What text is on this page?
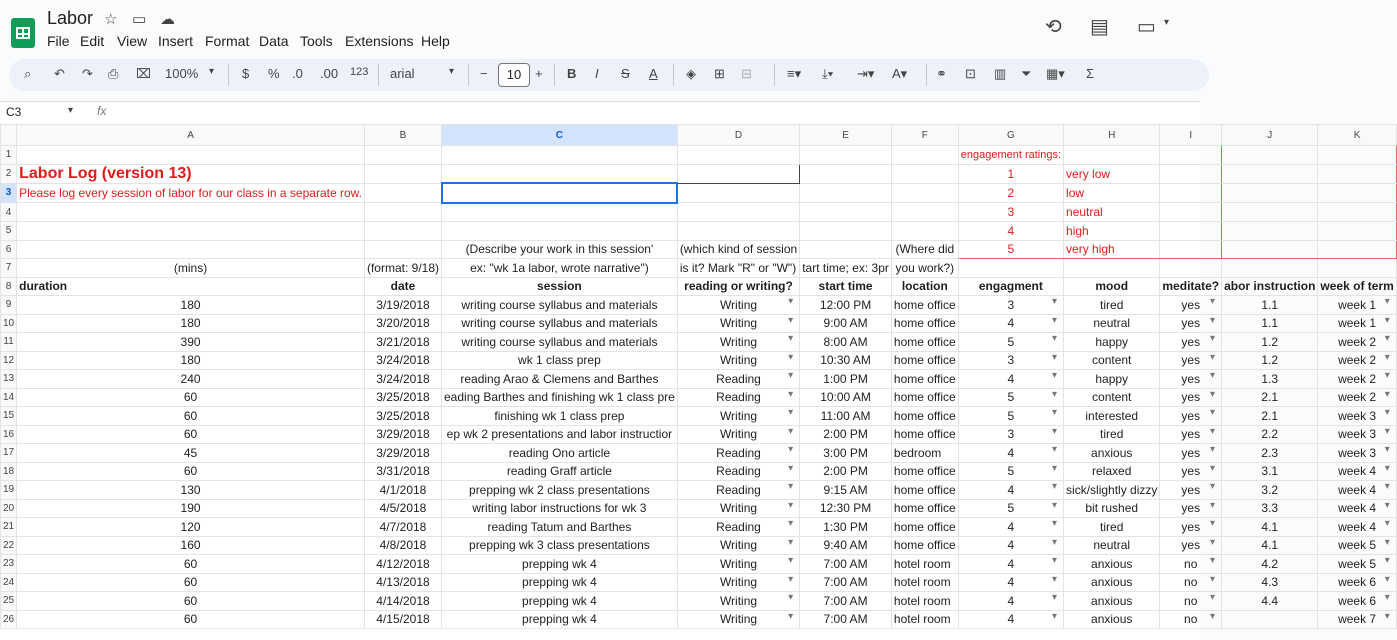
Labor ☆ ▭ ☁
File Edit View Insert Format Data Tools Extensions Help
⟲ ▤ ▭ ▾
⌕ ↶ ↷ ⎙ ⌧ 100% ▾ $ % .0 .00 123 arial	▾ −	10	+ B I S A ◈ ⊞ ⊟	≡▾ ⤓▾ ⇥▾ A▾ ⚭ ⊡ ▥ ⏷ ▦▾ Σ
C3	▾ fx
	A	B	C	D	E	F	G	H	I	J	K
1							engagement ratings:				
2	Labor Log (version 13)						1	very low			
3	Please log every session of labor for our class in a separate row.						2	low			
4							3	neutral			
5							4	high			
6			(Describe your work in this session'	(which kind of session		(Where did	5	very high			
7	(mins)	(format: 9/18)	ex: "wk 1a labor, wrote narrative")	is it? Mark "R" or "W")	tart time; ex: 3pr	you work?)					
8	duration	date	session	reading or writing?	start time	location	engagment	mood	meditate?	abor instruction	week of term
9	180	3/19/2018	writing course syllabus and materials	Writing ▾	12:00 PM	home office	3 ▾	tired	yes ▾	1.1	week 1 ▾
10	180	3/20/2018	writing course syllabus and materials	Writing ▾	9:00 AM	home office	4 ▾	neutral	yes ▾	1.1	week 1 ▾
11	390	3/21/2018	writing course syllabus and materials	Writing ▾	8:00 AM	home office	5 ▾	happy	yes ▾	1.2	week 2 ▾
12	180	3/24/2018	wk 1 class prep	Writing ▾	10:30 AM	home office	3 ▾	content	yes ▾	1.2	week 2 ▾
13	240	3/24/2018	reading Arao & Clemens and Barthes	Reading ▾	1:00 PM	home office	4 ▾	happy	yes ▾	1.3	week 2 ▾
14	60	3/25/2018	eading Barthes and finishing wk 1 class pre	Reading ▾	10:00 AM	home office	5 ▾	content	yes ▾	2.1	week 2 ▾
15	60	3/25/2018	finishing wk 1 class prep	Writing ▾	11:00 AM	home office	5 ▾	interested	yes ▾	2.1	week 3 ▾
16	60	3/29/2018	ep wk 2 presentations and labor instructior	Writing ▾	2:00 PM	home office	3 ▾	tired	yes ▾	2.2	week 3 ▾
17	45	3/29/2018	reading Ono article	Reading ▾	3:00 PM	bedroom	4 ▾	anxious	yes ▾	2.3	week 3 ▾
18	60	3/31/2018	reading Graff article	Reading ▾	2:00 PM	home office	5 ▾	relaxed	yes ▾	3.1	week 4 ▾
19	130	4/1/2018	prepping wk 2 class presentations	Reading ▾	9:15 AM	home office	4 ▾	sick/slightly dizzy	yes ▾	3.2	week 4 ▾
20	190	4/5/2018	writing labor instructions for wk 3	Writing ▾	12:30 PM	home office	5 ▾	bit rushed	yes ▾	3.3	week 4 ▾
21	120	4/7/2018	reading Tatum and Barthes	Reading ▾	1:30 PM	home office	4 ▾	tired	yes ▾	4.1	week 4 ▾
22	160	4/8/2018	prepping wk 3 class presentations	Writing ▾	9:40 AM	home office	4 ▾	neutral	yes ▾	4.1	week 5 ▾
23	60	4/12/2018	prepping wk 4	Writing ▾	7:00 AM	hotel room	4 ▾	anxious	no ▾	4.2	week 5 ▾
24	60	4/13/2018	prepping wk 4	Writing ▾	7:00 AM	hotel room	4 ▾	anxious	no ▾	4.3	week 6 ▾
25	60	4/14/2018	prepping wk 4	Writing ▾	7:00 AM	hotel room	4 ▾	anxious	no ▾	4.4	week 6 ▾
26	60	4/15/2018	prepping wk 4	Writing ▾	7:00 AM	hotel room	4 ▾	anxious	no ▾		week 7 ▾
